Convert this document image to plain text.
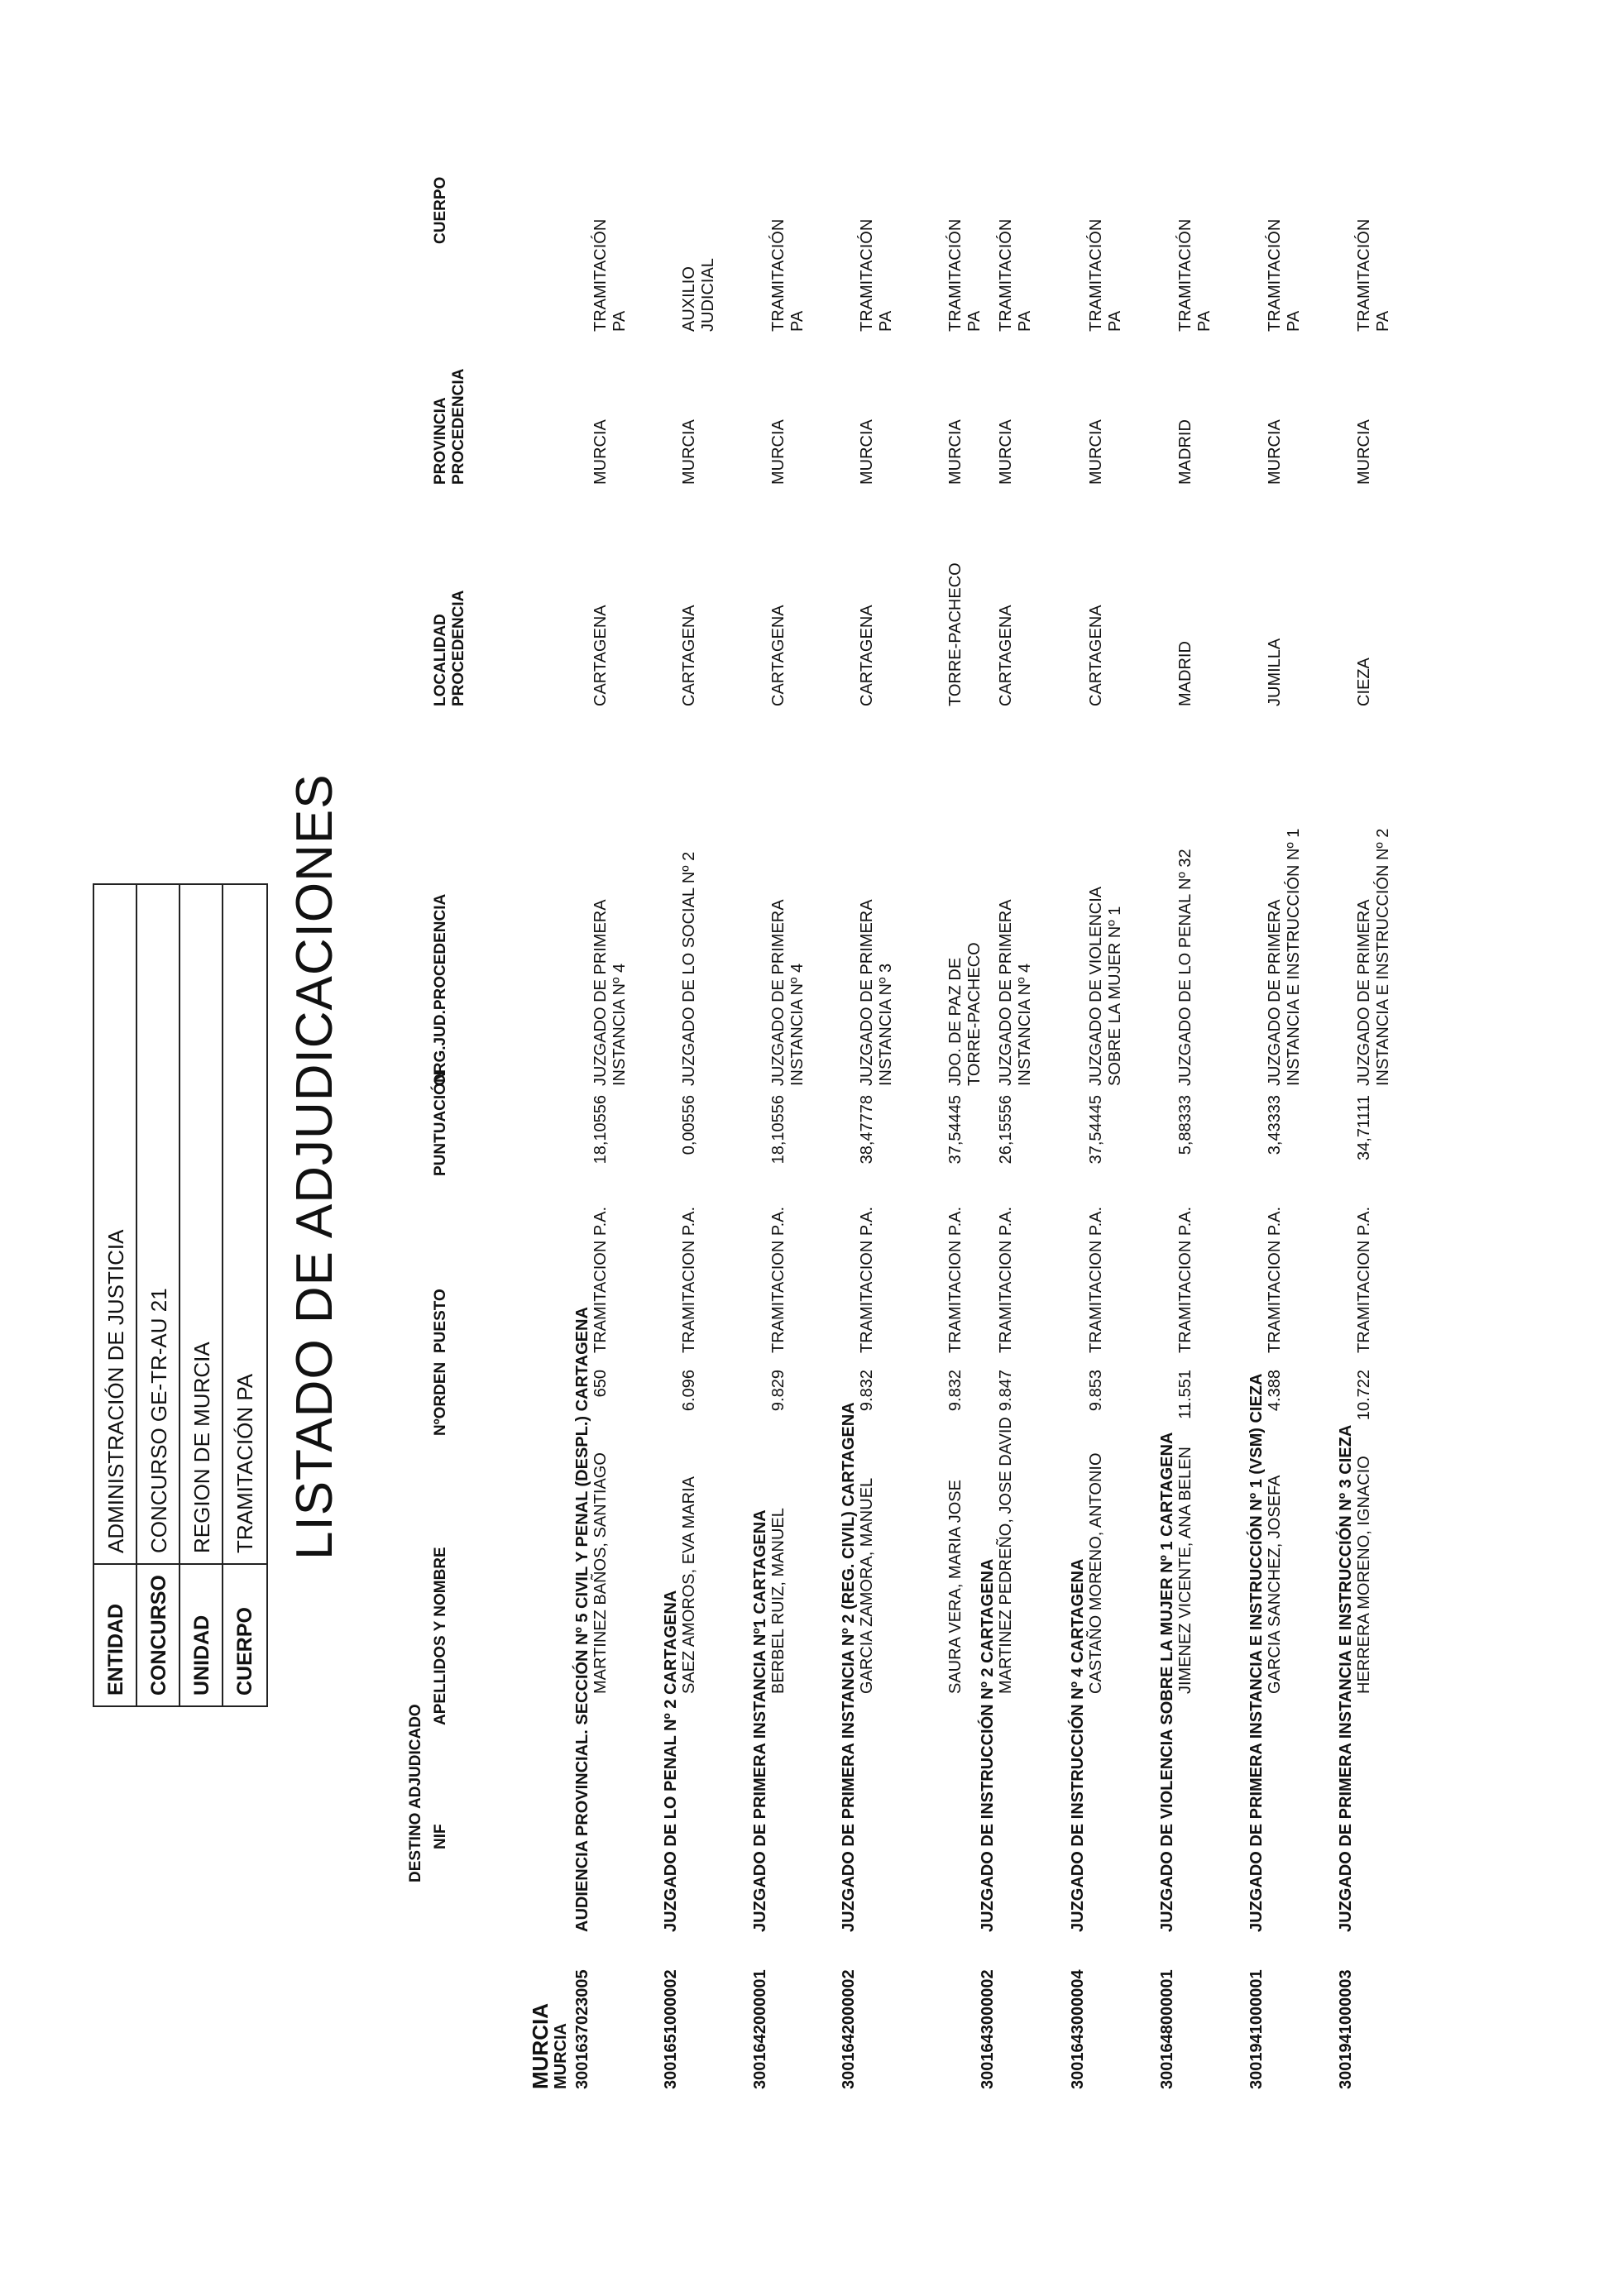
ENTIDAD
ADMINISTRACIÓN DE JUSTICIA
CONCURSO
CONCURSO GE-TR-AU 21
UNIDAD
REGION DE MURCIA
CUERPO
TRAMITACIÓN PA LISTADO DE ADJUDICACIONES
DESTINO ADJUDICADO NIF
APELLIDOS Y NOMBRE
NºORDEN
PUESTO
PUNTUACIÓN
ORG.JUD.PROCEDENCIA
LOCALIDAD PROCEDENCIA
PROVINCIA PROCEDENCIA
CUERPO
MURCIA MURCIA 3001637023005
AUDIENCIA PROVINCIAL. SECCIÓN Nº 5 CIVIL Y PENAL (DESPL.) CARTAGENA MARTINEZ BAÑOS, SANTIAGO
650
TRAMITACION P.A.
18,10556
JUZGADO DE PRIMERA INSTANCIA Nº 4
CARTAGENA
MURCIA
TRAMITACIÓN PA
3001651000002
JUZGADO DE LO PENAL Nº 2 CARTAGENA
SAEZ AMOROS, EVA MARIA
6.096
TRAMITACION P.A.
0,00556
JUZGADO DE LO SOCIAL Nº 2
CARTAGENA
MURCIA
AUXILIO JUDICIAL
3001642000001
JUZGADO DE PRIMERA INSTANCIA Nº1 CARTAGENA BERBEL RUIZ, MANUEL
9.829
TRAMITACION P.A.
18,10556
JUZGADO DE PRIMERA INSTANCIA Nº 4
CARTAGENA
MURCIA
TRAMITACIÓN PA
3001642000002
JUZGADO DE PRIMERA INSTANCIA Nº 2 (REG. CIVIL) CARTAGENA GARCIA ZAMORA, MANUEL
9.832
TRAMITACION P.A.
38,47778
JUZGADO DE PRIMERA INSTANCIA Nº 3
CARTAGENA
MURCIA
TRAMITACIÓN PA
SAURA VERA, MARIA JOSE
9.832
TRAMITACION P.A.
37,54445
JDO. DE PAZ DE TORRE-PACHECO
TORRE-PACHECO
MURCIA
TRAMITACIÓN PA
3001643000002
JUZGADO DE INSTRUCCIÓN Nº 2 CARTAGENA
MARTINEZ PEDREÑO, JOSE DAVID
9.847
TRAMITACION P.A.
26,15556
JUZGADO DE PRIMERA INSTANCIA Nº 4
CARTAGENA
MURCIA
TRAMITACIÓN PA
3001643000004
JUZGADO DE INSTRUCCIÓN Nº 4 CARTAGENA CASTAÑO MORENO, ANTONIO
9.853
TRAMITACION P.A.
37,54445
JUZGADO DE VIOLENCIA SOBRE LA MUJER Nº 1
CARTAGENA
MURCIA
TRAMITACIÓN PA
3001648000001
JUZGADO DE VIOLENCIA SOBRE LA MUJER Nº 1 CARTAGENA JIMENEZ VICENTE, ANA BELEN
11.551
TRAMITACION P.A.
5,88333
JUZGADO DE LO PENAL Nº 32
MADRID
MADRID
TRAMITACIÓN PA
3001941000001
JUZGADO DE PRIMERA INSTANCIA E INSTRUCCIÓN Nº 1 (VSM) CIEZA GARCIA SANCHEZ, JOSEFA
4.388
TRAMITACION P.A.
3,43333
JUZGADO DE PRIMERA INSTANCIA E INSTRUCCIÓN Nº 1
JUMILLA
MURCIA
TRAMITACIÓN PA
3001941000003
JUZGADO DE PRIMERA INSTANCIA E INSTRUCCIÓN Nº 3 CIEZA HERRERA MORENO, IGNACIO
10.722
TRAMITACION P.A.
34,71111
JUZGADO DE PRIMERA INSTANCIA E INSTRUCCIÓN Nº 2
CIEZA
MURCIA
TRAMITACIÓN PA
